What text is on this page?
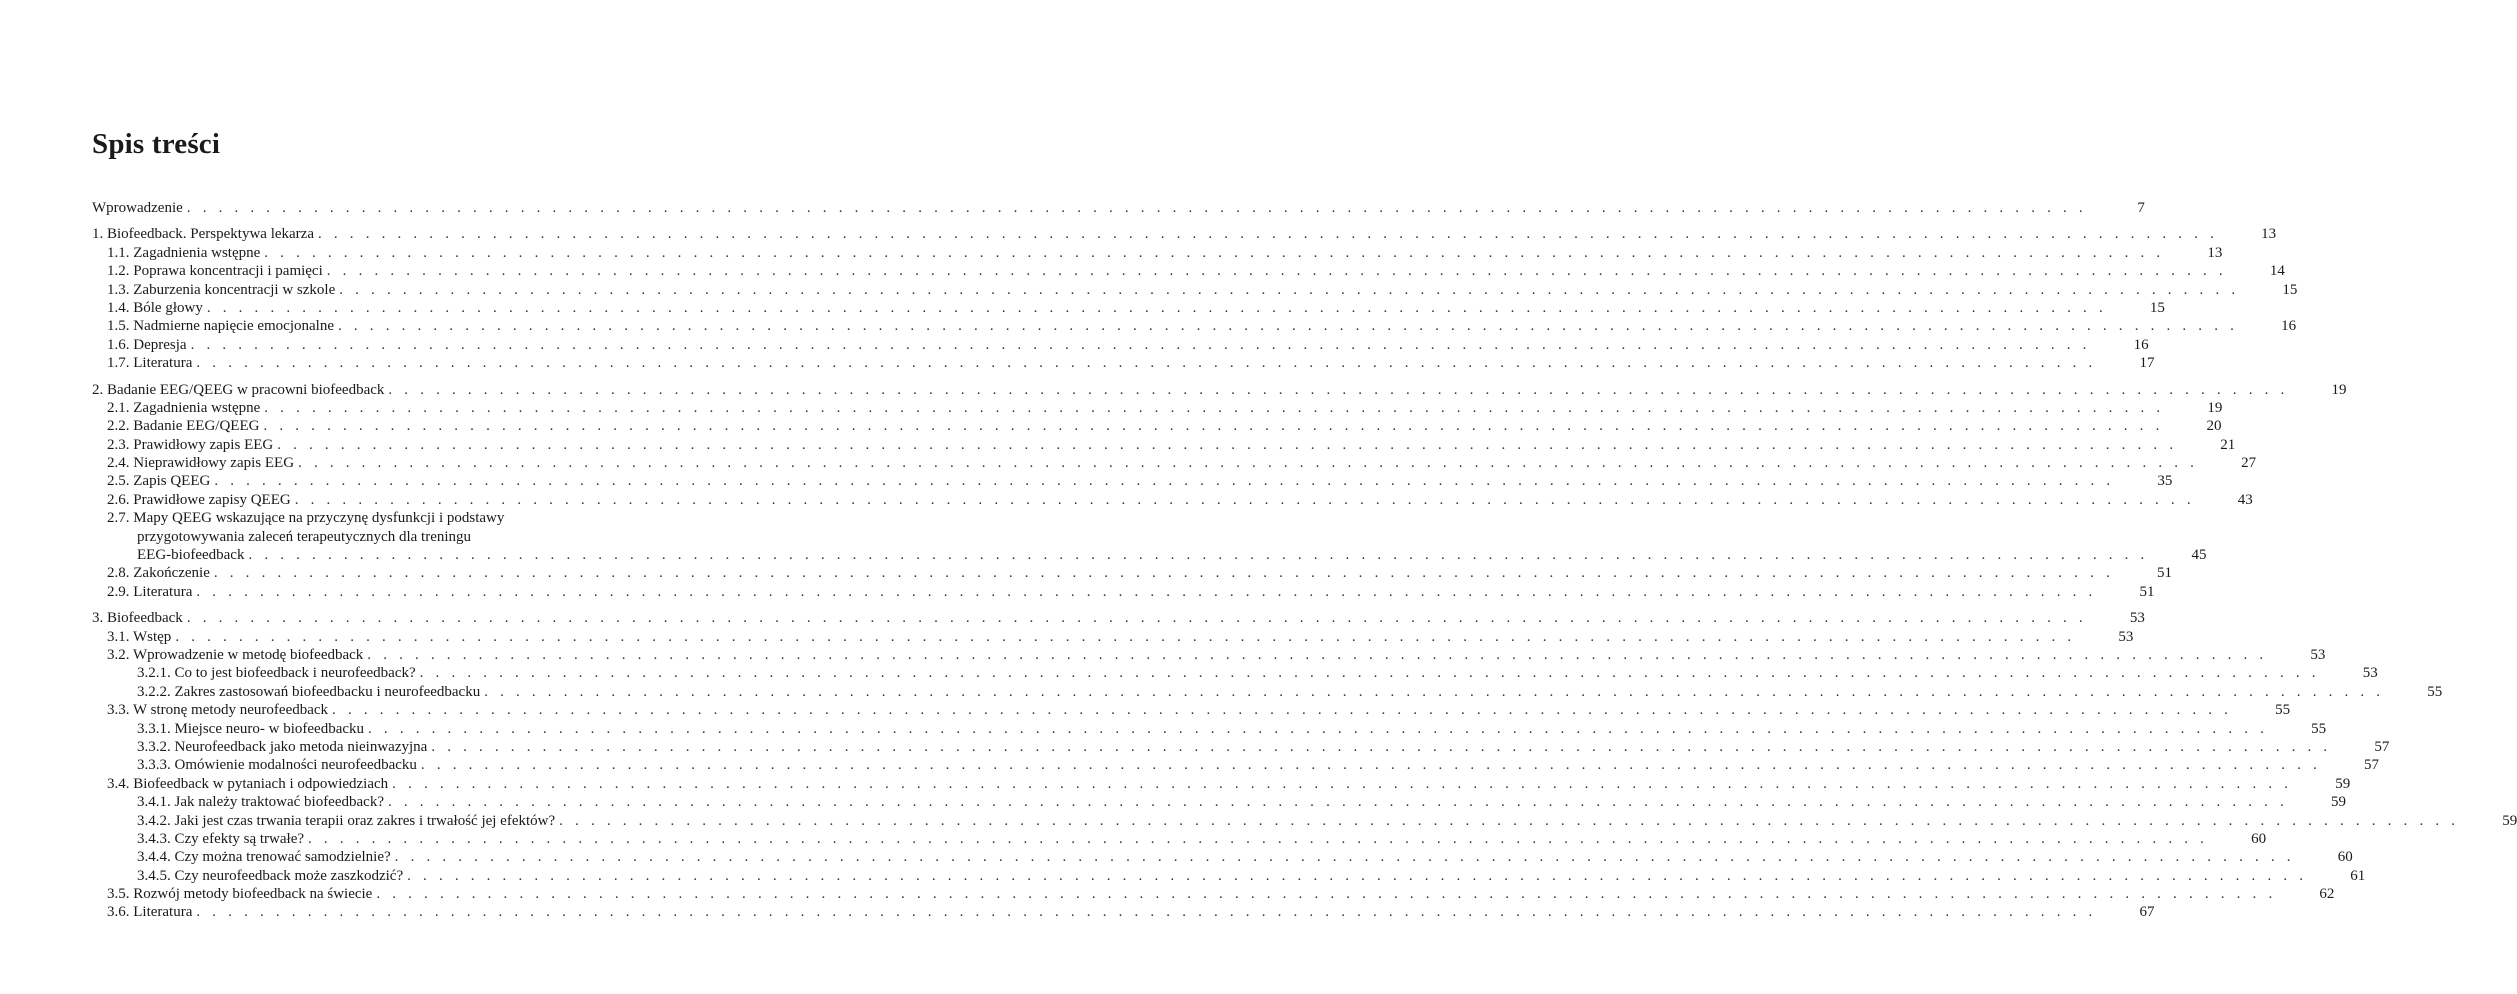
Spis treści
Wprowadzenie . . . . . . . . . . . . . . . . . . . . . . . . . . . . . . . . . . . . . . . . . . . . . . . . . . . . . . . . . . . . . . . . . . . . . . . . . . . . . . . . . . . . . . . . . . . . . . . . . . . . . . . . . . . . . . . . . . . . . . . .	7
1. Biofeedback. Perspektywa lekarza . . . . . . . . . . . . . . . . . . . . . . . . . . . . . . . . . . . . . . . . . . . . . . . . . . . . . . . . . . . . . . . . . . . . . . . . . . . . . . . . . . . . . . . . . . . . . . . . . . . . . . . . . . . . . . . . . . . . . . . .	13
1.1. Zagadnienia wstępne . . . . . . . . . . . . . . . . . . . . . . . . . . . . . . . . . . . . . . . . . . . . . . . . . . . . . . . . . . . . . . . . . . . . . . . . . . . . . . . . . . . . . . . . . . . . . . . . . . . . . . . . . . . . . . . . . . . . . . . .	13
1.2. Poprawa koncentracji i pamięci . . . . . . . . . . . . . . . . . . . . . . . . . . . . . . . . . . . . . . . . . . . . . . . . . . . . . . . . . . . . . . . . . . . . . . . . . . . . . . . . . . . . . . . . . . . . . . . . . . . . . . . . . . . . . . . . . . . . . . . .	14
1.3. Zaburzenia koncentracji w szkole . . . . . . . . . . . . . . . . . . . . . . . . . . . . . . . . . . . . . . . . . . . . . . . . . . . . . . . . . . . . . . . . . . . . . . . . . . . . . . . . . . . . . . . . . . . . . . . . . . . . . . . . . . . . . . . . . . . . . . . .	15
1.4. Bóle głowy . . . . . . . . . . . . . . . . . . . . . . . . . . . . . . . . . . . . . . . . . . . . . . . . . . . . . . . . . . . . . . . . . . . . . . . . . . . . . . . . . . . . . . . . . . . . . . . . . . . . . . . . . . . . . . . . . . . . . . . .	15
1.5. Nadmierne napięcie emocjonalne . . . . . . . . . . . . . . . . . . . . . . . . . . . . . . . . . . . . . . . . . . . . . . . . . . . . . . . . . . . . . . . . . . . . . . . . . . . . . . . . . . . . . . . . . . . . . . . . . . . . . . . . . . . . . . . . . . . . . . . .	16
1.6. Depresja . . . . . . . . . . . . . . . . . . . . . . . . . . . . . . . . . . . . . . . . . . . . . . . . . . . . . . . . . . . . . . . . . . . . . . . . . . . . . . . . . . . . . . . . . . . . . . . . . . . . . . . . . . . . . . . . . . . . . . . .	16
1.7. Literatura . . . . . . . . . . . . . . . . . . . . . . . . . . . . . . . . . . . . . . . . . . . . . . . . . . . . . . . . . . . . . . . . . . . . . . . . . . . . . . . . . . . . . . . . . . . . . . . . . . . . . . . . . . . . . . . . . . . . . . . .	17
2. Badanie EEG/QEEG w pracowni biofeedback . . . . . . . . . . . . . . . . . . . . . . . . . . . . . . . . . . . . . . . . . . . . . . . . . . . . . . . . . . . . . . . . . . . . . . . . . . . . . . . . . . . . . . . . . . . . . . . . . . . . . . . . . . . . . . . . . . . . . . . .	19
2.1. Zagadnienia wstępne . . . . . . . . . . . . . . . . . . . . . . . . . . . . . . . . . . . . . . . . . . . . . . . . . . . . . . . . . . . . . . . . . . . . . . . . . . . . . . . . . . . . . . . . . . . . . . . . . . . . . . . . . . . . . . . . . . . . . . . .	19
2.2. Badanie EEG/QEEG . . . . . . . . . . . . . . . . . . . . . . . . . . . . . . . . . . . . . . . . . . . . . . . . . . . . . . . . . . . . . . . . . . . . . . . . . . . . . . . . . . . . . . . . . . . . . . . . . . . . . . . . . . . . . . . . . . . . . . . .	20
2.3. Prawidłowy zapis EEG . . . . . . . . . . . . . . . . . . . . . . . . . . . . . . . . . . . . . . . . . . . . . . . . . . . . . . . . . . . . . . . . . . . . . . . . . . . . . . . . . . . . . . . . . . . . . . . . . . . . . . . . . . . . . . . . . . . . . . . .	21
2.4. Nieprawidłowy zapis EEG . . . . . . . . . . . . . . . . . . . . . . . . . . . . . . . . . . . . . . . . . . . . . . . . . . . . . . . . . . . . . . . . . . . . . . . . . . . . . . . . . . . . . . . . . . . . . . . . . . . . . . . . . . . . . . . . . . . . . . . .	27
2.5. Zapis QEEG . . . . . . . . . . . . . . . . . . . . . . . . . . . . . . . . . . . . . . . . . . . . . . . . . . . . . . . . . . . . . . . . . . . . . . . . . . . . . . . . . . . . . . . . . . . . . . . . . . . . . . . . . . . . . . . . . . . . . . . .	35
2.6. Prawidłowe zapisy QEEG . . . . . . . . . . . . . . . . . . . . . . . . . . . . . . . . . . . . . . . . . . . . . . . . . . . . . . . . . . . . . . . . . . . . . . . . . . . . . . . . . . . . . . . . . . . . . . . . . . . . . . . . . . . . . . . . . . . . . . . .	43
2.7. Mapy QEEG wskazujące na przyczynę dysfunkcji i podstawy
przygotowywania zaleceń terapeutycznych dla treningu
EEG-biofeedback . . . . . . . . . . . . . . . . . . . . . . . . . . . . . . . . . . . . . . . . . . . . . . . . . . . . . . . . . . . . . . . . . . . . . . . . . . . . . . . . . . . . . . . . . . . . . . . . . . . . . . . . . . . . . . . . . . . . . . . .	45
2.8. Zakończenie . . . . . . . . . . . . . . . . . . . . . . . . . . . . . . . . . . . . . . . . . . . . . . . . . . . . . . . . . . . . . . . . . . . . . . . . . . . . . . . . . . . . . . . . . . . . . . . . . . . . . . . . . . . . . . . . . . . . . . . .	51
2.9. Literatura . . . . . . . . . . . . . . . . . . . . . . . . . . . . . . . . . . . . . . . . . . . . . . . . . . . . . . . . . . . . . . . . . . . . . . . . . . . . . . . . . . . . . . . . . . . . . . . . . . . . . . . . . . . . . . . . . . . . . . . .	51
3. Biofeedback . . . . . . . . . . . . . . . . . . . . . . . . . . . . . . . . . . . . . . . . . . . . . . . . . . . . . . . . . . . . . . . . . . . . . . . . . . . . . . . . . . . . . . . . . . . . . . . . . . . . . . . . . . . . . . . . . . . . . . . .	53
3.1. Wstęp . . . . . . . . . . . . . . . . . . . . . . . . . . . . . . . . . . . . . . . . . . . . . . . . . . . . . . . . . . . . . . . . . . . . . . . . . . . . . . . . . . . . . . . . . . . . . . . . . . . . . . . . . . . . . . . . . . . . . . . .	53
3.2. Wprowadzenie w metodę biofeedback . . . . . . . . . . . . . . . . . . . . . . . . . . . . . . . . . . . . . . . . . . . . . . . . . . . . . . . . . . . . . . . . . . . . . . . . . . . . . . . . . . . . . . . . . . . . . . . . . . . . . . . . . . . . . . . . . . . . . . . .	53
3.2.1. Co to jest biofeedback i neurofeedback? . . . . . . . . . . . . . . . . . . . . . . . . . . . . . . . . . . . . . . . . . . . . . . . . . . . . . . . . . . . . . . . . . . . . . . . . . . . . . . . . . . . . . . . . . . . . . . . . . . . . . . . . . . . . . . . . . . . . . . . .	53
3.2.2. Zakres zastosowań biofeedbacku i neurofeedbacku . . . . . . . . . . . . . . . . . . . . . . . . . . . . . . . . . . . . . . . . . . . . . . . . . . . . . . . . . . . . . . . . . . . . . . . . . . . . . . . . . . . . . . . . . . . . . . . . . . . . . . . . . . . . . . . . . . . . . . . .	55
3.3. W stronę metody neurofeedback . . . . . . . . . . . . . . . . . . . . . . . . . . . . . . . . . . . . . . . . . . . . . . . . . . . . . . . . . . . . . . . . . . . . . . . . . . . . . . . . . . . . . . . . . . . . . . . . . . . . . . . . . . . . . . . . . . . . . . . .	55
3.3.1. Miejsce neuro- w biofeedbacku . . . . . . . . . . . . . . . . . . . . . . . . . . . . . . . . . . . . . . . . . . . . . . . . . . . . . . . . . . . . . . . . . . . . . . . . . . . . . . . . . . . . . . . . . . . . . . . . . . . . . . . . . . . . . . . . . . . . . . . .	55
3.3.2. Neurofeedback jako metoda nieinwazyjna . . . . . . . . . . . . . . . . . . . . . . . . . . . . . . . . . . . . . . . . . . . . . . . . . . . . . . . . . . . . . . . . . . . . . . . . . . . . . . . . . . . . . . . . . . . . . . . . . . . . . . . . . . . . . . . . . . . . . . . .	57
3.3.3. Omówienie modalności neurofeedbacku . . . . . . . . . . . . . . . . . . . . . . . . . . . . . . . . . . . . . . . . . . . . . . . . . . . . . . . . . . . . . . . . . . . . . . . . . . . . . . . . . . . . . . . . . . . . . . . . . . . . . . . . . . . . . . . . . . . . . . . .	57
3.4. Biofeedback w pytaniach i odpowiedziach . . . . . . . . . . . . . . . . . . . . . . . . . . . . . . . . . . . . . . . . . . . . . . . . . . . . . . . . . . . . . . . . . . . . . . . . . . . . . . . . . . . . . . . . . . . . . . . . . . . . . . . . . . . . . . . . . . . . . . . .	59
3.4.1. Jak należy traktować biofeedback? . . . . . . . . . . . . . . . . . . . . . . . . . . . . . . . . . . . . . . . . . . . . . . . . . . . . . . . . . . . . . . . . . . . . . . . . . . . . . . . . . . . . . . . . . . . . . . . . . . . . . . . . . . . . . . . . . . . . . . . .	59
3.4.2. Jaki jest czas trwania terapii oraz zakres i trwałość jej efektów? . . . . . . . . . . . . . . . . . . . . . . . . . . . . . . . . . . . . . . . . . . . . . . . . . . . . . . . . . . . . . . . . . . . . . . . . . . . . . . . . . . . . . . . . . . . . . . . . . . . . . . . . . . . . . . . . . . . . . . . .	59
3.4.3. Czy efekty są trwałe? . . . . . . . . . . . . . . . . . . . . . . . . . . . . . . . . . . . . . . . . . . . . . . . . . . . . . . . . . . . . . . . . . . . . . . . . . . . . . . . . . . . . . . . . . . . . . . . . . . . . . . . . . . . . . . . . . . . . . . . .	60
3.4.4. Czy można trenować samodzielnie? . . . . . . . . . . . . . . . . . . . . . . . . . . . . . . . . . . . . . . . . . . . . . . . . . . . . . . . . . . . . . . . . . . . . . . . . . . . . . . . . . . . . . . . . . . . . . . . . . . . . . . . . . . . . . . . . . . . . . . . .	60
3.4.5. Czy neurofeedback może zaszkodzić? . . . . . . . . . . . . . . . . . . . . . . . . . . . . . . . . . . . . . . . . . . . . . . . . . . . . . . . . . . . . . . . . . . . . . . . . . . . . . . . . . . . . . . . . . . . . . . . . . . . . . . . . . . . . . . . . . . . . . . . .	61
3.5. Rozwój metody biofeedback na świecie . . . . . . . . . . . . . . . . . . . . . . . . . . . . . . . . . . . . . . . . . . . . . . . . . . . . . . . . . . . . . . . . . . . . . . . . . . . . . . . . . . . . . . . . . . . . . . . . . . . . . . . . . . . . . . . . . . . . . . . .	62
3.6. Literatura . . . . . . . . . . . . . . . . . . . . . . . . . . . . . . . . . . . . . . . . . . . . . . . . . . . . . . . . . . . . . . . . . . . . . . . . . . . . . . . . . . . . . . . . . . . . . . . . . . . . . . . . . . . . . . . . . . . . . . . .	67
